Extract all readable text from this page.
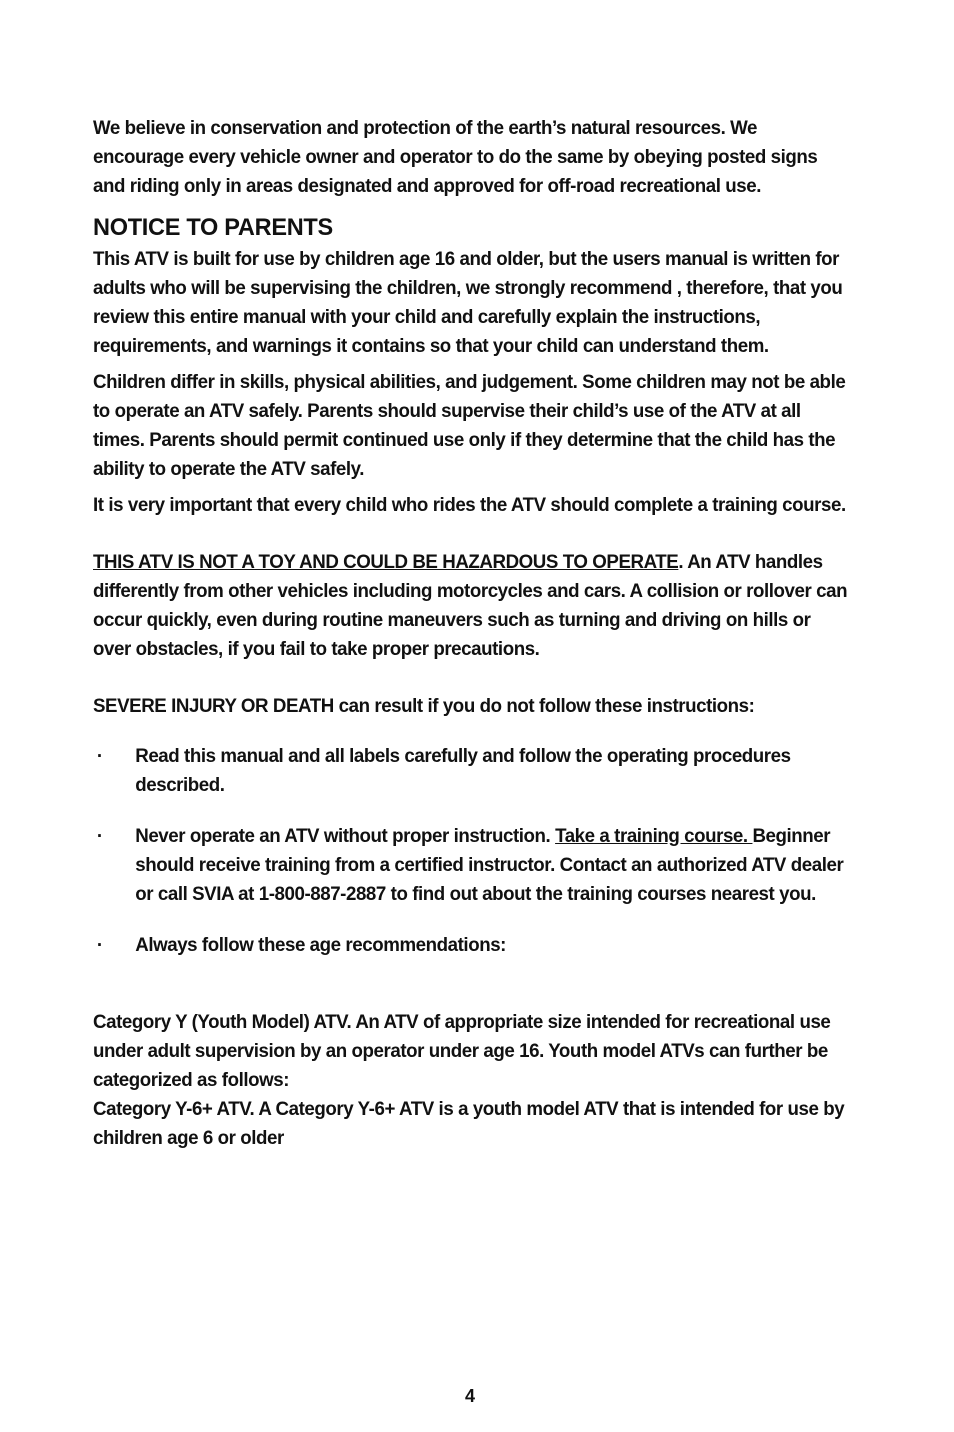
We believe in conservation and protection of the earth’s natural resources. We encourage every vehicle owner and operator to do the same by obeying posted signs and riding only in areas designated and approved for off-road recreational use.

NOTICE TO PARENTS

This ATV is built for use by children age 16 and older, but the users manual is written for adults who will be supervising the children, we strongly recommend , therefore, that you review this entire manual with your child and carefully explain the instructions, requirements, and warnings it contains so that your child can understand them.

Children differ in skills, physical abilities, and judgement. Some children may not be able to operate an ATV safely. Parents should supervise their child’s use of the ATV at all times. Parents should permit continued use only if they determine that the child has the ability to operate the ATV safely.

It is very important that every child who rides the ATV should complete a training course.

THIS ATV IS NOT A TOY AND COULD BE HAZARDOUS TO OPERATE. An ATV handles differently from other vehicles including motorcycles and cars. A collision or rollover can occur quickly, even during routine maneuvers such as turning and driving on hills or over obstacles, if you fail to take proper precautions.

SEVERE INJURY OR DEATH can result if you do not follow these instructions:

· Read this manual and all labels carefully and follow the operating procedures described.
· Never operate an ATV without proper instruction. Take a training course. Beginner should receive training from a certified instructor. Contact an authorized ATV dealer or call SVIA at 1-800-887-2887 to find out about the training courses nearest you.
· Always follow these age recommendations:

Category Y (Youth Model) ATV. An ATV of appropriate size intended for recreational use under adult supervision by an operator under age 16. Youth model ATVs can further be categorized as follows:

Category Y-6+ ATV. A Category Y-6+ ATV is a youth model ATV that is intended for use by children age 6 or older

4
